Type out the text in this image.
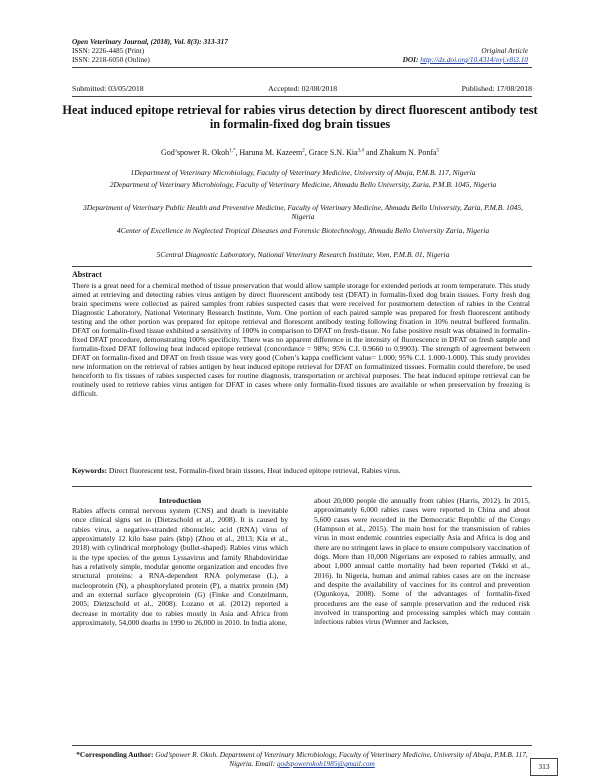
Open Veterinary Journal, (2018), Vol. 8(3): 313-317
ISSN: 2226-4485 (Print)
ISSN: 2218-6050 (Online)
Original Article
DOI: http://dx.doi.org/10.4314/ovj.v8i3.10
Submitted: 03/05/2018	Accepted: 02/08/2018	Published: 17/08/2018
Heat induced epitope retrieval for rabies virus detection by direct fluorescent antibody test in formalin-fixed dog brain tissues
God’spower R. Okoh$^{1,*}$, Haruna M. Kazeem$^2$, Grace S.N. Kia$^{3,4}$ and Zhakum N. Ponfa$^5$
1Department of Veterinary Microbiology, Faculty of Veterinary Medicine, University of Abuja, P.M.B. 117, Nigeria
2Department of Veterinary Microbiology, Faculty of Veterinary Medicine, Ahmadu Bello University, Zaria, P.M.B. 1045, Nigeria
3Department of Veterinary Public Health and Preventive Medicine, Faculty of Veterinary Medicine, Ahmadu Bello University, Zaria, P.M.B. 1045, Nigeria
4Center of Excellence in Neglected Tropical Diseases and Forensic Biotechnology, Ahmadu Bello University Zaria, Nigeria
5Central Diagnostic Laboratory, National Veterinary Research Institute, Vom, P.M.B. 01, Nigeria
Abstract
There is a great need for a chemical method of tissue preservation that would allow sample storage for extended periods at room temperature. This study aimed at retrieving and detecting rabies virus antigen by direct fluorescent antibody test (DFAT) in formalin-fixed dog brain tissues. Forty fresh dog brain specimens were collected as paired samples from rabies suspected cases that were received for postmortem detection of rabies in the Central Diagnostic Laboratory, National Veterinary Research Institute, Vom. One portion of each paired sample was prepared for fresh fluorescent antibody testing and the other portion was prepared for epitope retrieval and florescent antibody testing following fixation in 10% neutral buffered formalin. DFAT on formalin-fixed tissue exhibited a sensitivity of 100% in comparison to DFAT on fresh-tissue. No false positive result was obtained in formalin-fixed DFAT procedure, demonstrating 100% specificity. There was no apparent difference in the intensity of fluorescence in DFAT on fresh sample and formalin-fixed DFAT following heat induced epitope retrieval (concordance = 98%; 95% C.I. 0.9660 to 0.9903). The strength of agreement between DFAT on formalin-fixed and DFAT on fresh tissue was very good (Cohen’s kappa coefficient value= 1.000; 95% C.I. 1.000-1.000). This study provides new information on the retrieval of rabies antigen by heat induced epitope retrieval for DFAT on formalinized tissues. Formalin could therefore, be used henceforth to fix tissues of rabies suspected cases for routine diagnosis, transportation or archival purposes. The heat induced epitope retrieval can be routinely used to retrieve rabies virus antigen for DFAT in cases where only formalin-fixed tissues are available or when preservation by freezing is difficult.
Keywords: Direct fluorescent test, Formalin-fixed brain tissues, Heat induced epitope retrieval, Rabies virus.
Introduction
Rabies affects central nervous system (CNS) and death is inevitable once clinical signs set in (Dietzschold et al., 2008). It is caused by rabies virus, a negative-stranded ribonucleic acid (RNA) virus of approximately 12 kilo base pairs (kbp) (Zhou et al., 2013; Kia et al., 2018) with cylindrical morphology (bullet-shaped). Rabies virus which is the type species of the genus Lyssavirus and family Rhabdoviridae has a relatively simple, modular genome organization and encodes five structural proteins: a RNA-dependent RNA polymerase (L), a nucleoprotein (N), a phosphorylated protein (P), a matrix protein (M) and an external surface glycoprotein (G) (Finke and Conzelmann, 2005; Dietzschold et al., 2008). Lozano et al. (2012) reported a decrease in mortality due to rabies mostly in Asia and Africa from approximately, 54,000 deaths in 1990 to 26,000 in 2010. In India alone,
about 20,000 people die annually from rabies (Harris, 2012). In 2015, approximately 6,000 rabies cases were reported in China and about 5,600 cases were recorded in the Democratic Republic of the Congo (Hampson et al., 2015). The main host for the transmission of rabies virus in most endemic countries especially Asia and Africa is dog and there are no stringent laws in place to ensure compulsory vaccination of dogs. More than 10,000 Nigerians are exposed to rabies annually, and about 1,000 annual cattle mortality had been reported (Tekki et al., 2016). In Nigeria, human and animal rabies cases are on the increase and despite the availability of vaccines for its control and prevention (Ogunkoya, 2008). Some of the advantages of formalin-fixed procedures are the ease of sample preservation and the reduced risk involved in transporting and processing samples which may contain infectious rabies virus (Wunner and Jackson,
*Corresponding Author: God’spower R. Okoh. Department of Veterinary Microbiology, Faculty of Veterinary Medicine, University of Abuja, P.M.B. 117, Nigeria. Email: godspowerokoh1985@gmail.com	313
